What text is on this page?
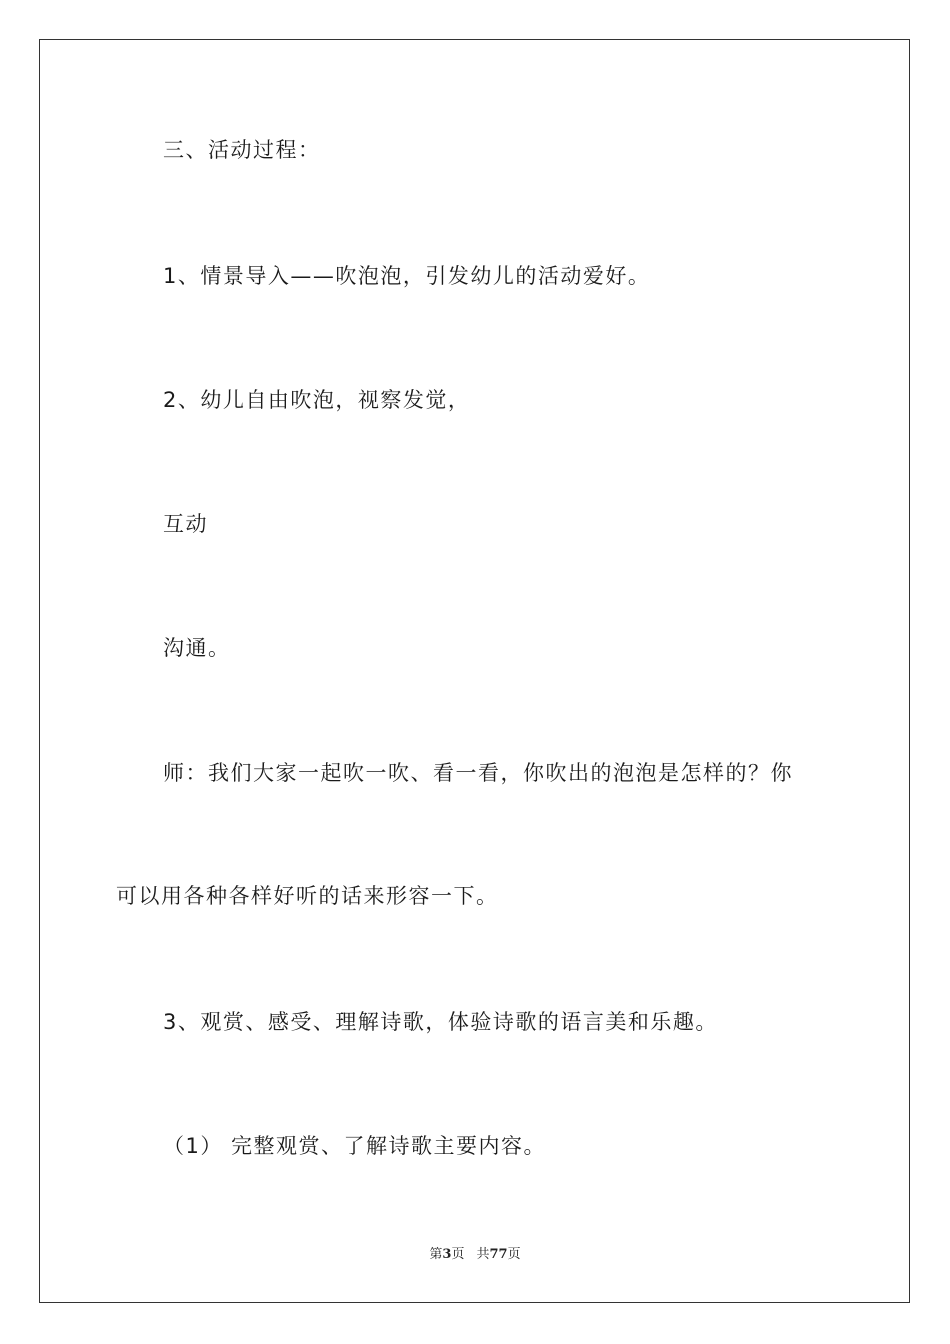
三、活动过程：
1、情景导入——吹泡泡，引发幼儿的活动爱好。
2、幼儿自由吹泡，视察发觉，
互动
沟通。
师：我们大家一起吹一吹、看一看，你吹出的泡泡是怎样的？你
可以用各种各样好听的话来形容一下。
3、观赏、感受、理解诗歌，体验诗歌的语言美和乐趣。
（1） 完整观赏、了解诗歌主要内容。
第3页 共77页
